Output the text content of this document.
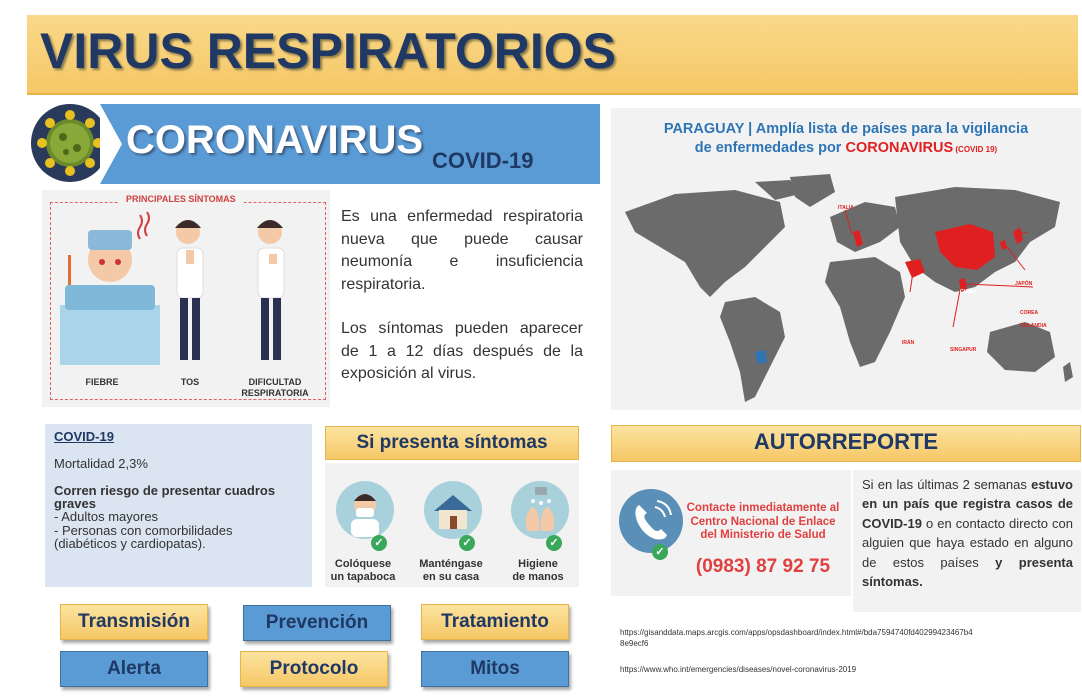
VIRUS RESPIRATORIOS
CORONAVIRUS COVID-19
PRINCIPALES SÍNTOMAS
FIEBRE	TOS	DIFICULTAD
RESPIRATORIA
Es una enfermedad respiratoria nueva que puede causar neumonía e insuficiencia respiratoria.
Los síntomas pueden aparecer de 1 a 12 días después de la exposición al virus.
COVID-19
Mortalidad 2,3%
Corren riesgo de presentar cuadros graves
- Adultos mayores
- Personas con comorbilidades
(diabéticos y cardiopatas).
Si presenta síntomas
✓	✓	✓
Colóquese
un tapaboca
Manténgase
en su casa
Higiene
de manos
Transmisión	Prevención	Tratamiento
Alerta	Protocolo	Mitos
PARAGUAY | Amplía lista de países para la vigilancia
de enfermedades por CORONAVIRUS (COVID 19)
ITALIA
IRÁN
CHINA
COREA
JAPÓN
TAILANDIA
SINGAPUR
AUTORREPORTE
✓
Contacte inmediatamente al
Centro Nacional de Enlace
del Ministerio de Salud
(0983) 87 92 75
Si en las últimas 2 semanas estuvo en un país que registra casos de COVID-19 o en contacto directo con alguien que haya estado en alguno de estos países y presenta síntomas.
https://gisanddata.maps.arcgis.com/apps/opsdashboard/index.html#/bda7594740fd40299423467b4
8e9ecf6
https://www.who.int/emergencies/diseases/novel-coronavirus-2019
